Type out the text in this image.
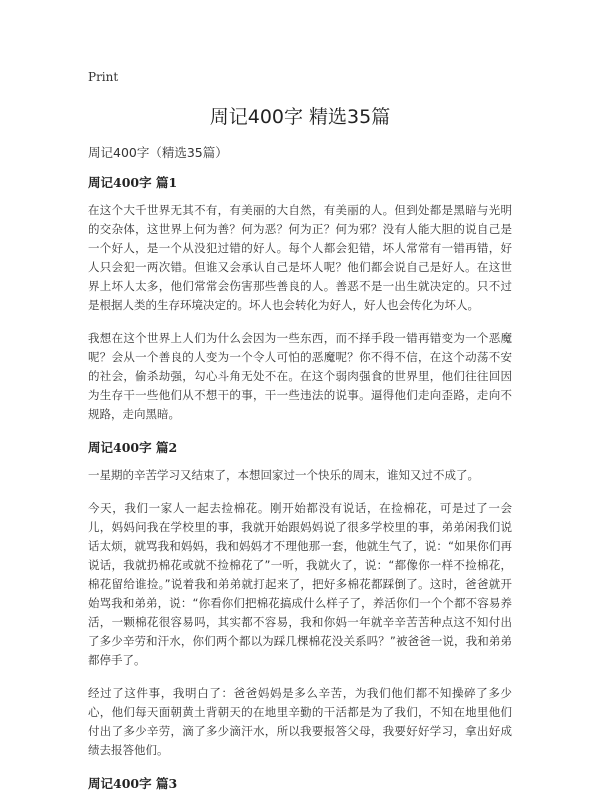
Print
周记400字 精选35篇
周记400字（精选35篇）
周记400字 篇1

在这个大千世界无其不有，有美丽的大自然，有美丽的人。但到处都是黑暗与光明的交杂体，这世界上何为善？何为恶？何为正？何为邪？没有人能大胆的说自己是一个好人，是一个从没犯过错的好人。每个人都会犯错，坏人常常有一错再错，好人只会犯一两次错。但谁又会承认自己是坏人呢？他们都会说自己是好人。在这世界上坏人太多，他们常常会伤害那些善良的人。善恶不是一出生就决定的。只不过是根据人类的生存环境决定的。坏人也会转化为好人，好人也会传化为坏人。

我想在这个世界上人们为什么会因为一些东西，而不择手段一错再错变为一个恶魔呢？会从一个善良的人变为一个令人可怕的恶魔呢？你不得不信，在这个动荡不安的社会，偷杀劫强，勾心斗角无处不在。在这个弱肉强食的世界里，他们往往回因为生存干一些他们从不想干的事，干一些违法的说事。逼得他们走向歪路，走向不规路，走向黑暗。

周记400字 篇2

一星期的辛苦学习又结束了，本想回家过一个快乐的周末，谁知又过不成了。

今天，我们一家人一起去捡棉花。刚开始都没有说话，在捡棉花，可是过了一会儿，妈妈问我在学校里的事，我就开始跟妈妈说了很多学校里的事，弟弟闲我们说话太烦，就骂我和妈妈，我和妈妈才不理他那一套，他就生气了，说：“如果你们再说话，我就扔棉花或就不捡棉花了”一听，我就火了，说：“都像你一样不捡棉花，棉花留给谁捡。”说着我和弟弟就打起来了，把好多棉花都踩倒了。这时，爸爸就开始骂我和弟弟，说：“你看你们把棉花搞成什么样子了，养活你们一个个都不容易养活，一颗棉花很容易吗，其实都不容易，我和你妈一年就辛辛苦苦种点这不知付出了多少辛劳和汗水，你们两个都以为踩几棵棉花没关系吗？”被爸爸一说，我和弟弟都停手了。

经过了这件事，我明白了：爸爸妈妈是多么辛苦，为我们他们都不知操碎了多少心，他们每天面朝黄土背朝天的在地里辛勤的干活都是为了我们，不知在地里他们付出了多少辛劳，滴了多少滴汗水，所以我要报答父母，我要好好学习，拿出好成绩去报答他们。

周记400字 篇3
